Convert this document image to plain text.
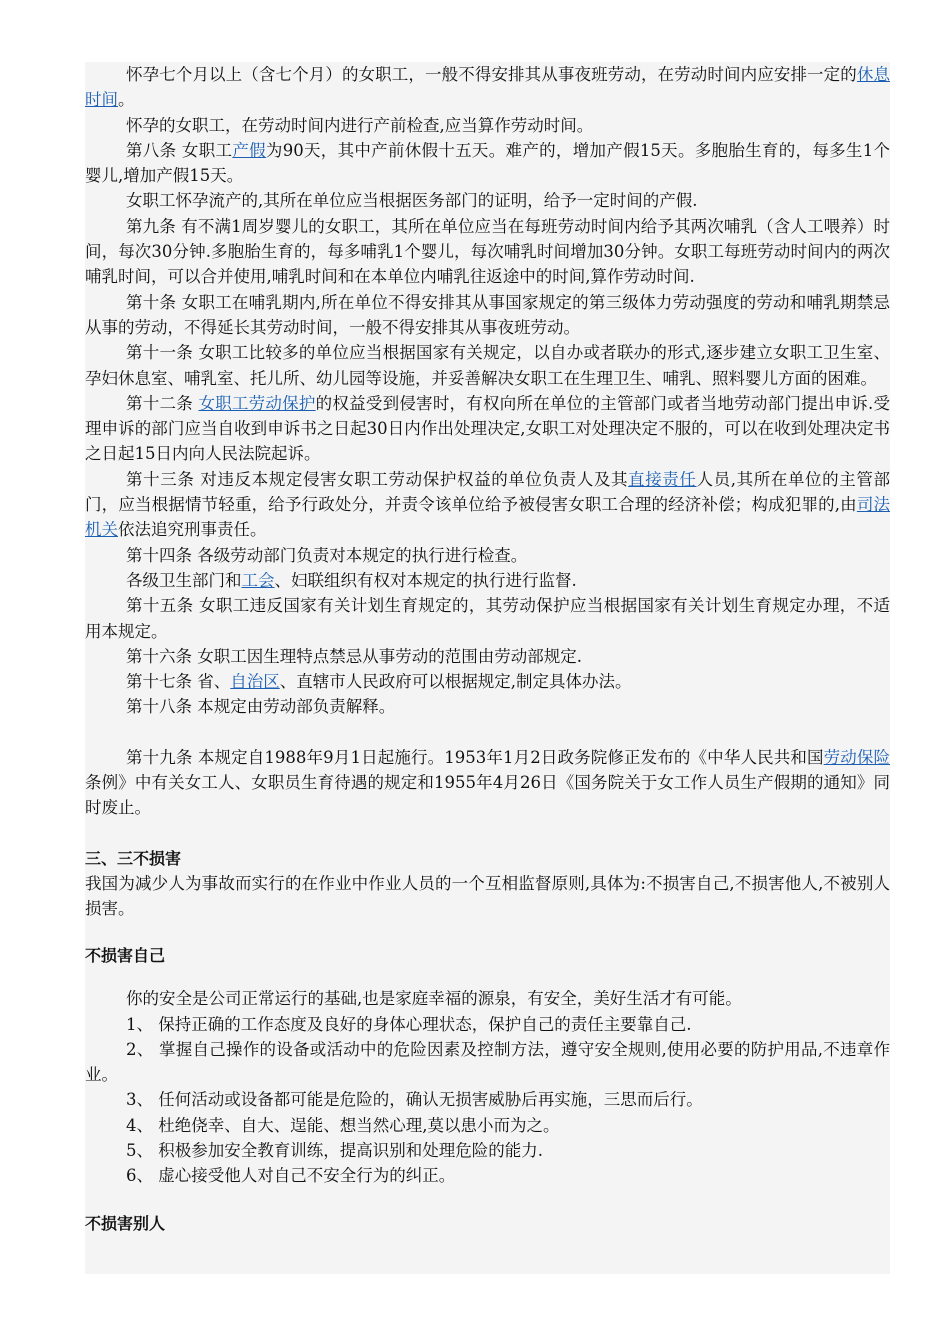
怀孕七个月以上（含七个月）的女职工，一般不得安排其从事夜班劳动，在劳动时间内应安排一定的休息时间。

怀孕的女职工，在劳动时间内进行产前检查,应当算作劳动时间。

第八条 女职工产假为90天，其中产前休假十五天。难产的，增加产假15天。多胞胎生育的，每多生1个婴儿,增加产假15天。

女职工怀孕流产的,其所在单位应当根据医务部门的证明，给予一定时间的产假.

第九条 有不满1周岁婴儿的女职工，其所在单位应当在每班劳动时间内给予其两次哺乳（含人工喂养）时间，每次30分钟.多胞胎生育的，每多哺乳1个婴儿，每次哺乳时间增加30分钟。女职工每班劳动时间内的两次哺乳时间，可以合并使用,哺乳时间和在本单位内哺乳往返途中的时间,算作劳动时间.

第十条 女职工在哺乳期内,所在单位不得安排其从事国家规定的第三级体力劳动强度的劳动和哺乳期禁忌从事的劳动，不得延长其劳动时间，一般不得安排其从事夜班劳动。

第十一条 女职工比较多的单位应当根据国家有关规定，以自办或者联办的形式,逐步建立女职工卫生室、孕妇休息室、哺乳室、托儿所、幼儿园等设施，并妥善解决女职工在生理卫生、哺乳、照料婴儿方面的困难。

第十二条 女职工劳动保护的权益受到侵害时，有权向所在单位的主管部门或者当地劳动部门提出申诉.受理申诉的部门应当自收到申诉书之日起30日内作出处理决定,女职工对处理决定不服的，可以在收到处理决定书之日起15日内向人民法院起诉。

第十三条 对违反本规定侵害女职工劳动保护权益的单位负责人及其直接责任人员,其所在单位的主管部门，应当根据情节轻重，给予行政处分，并责令该单位给予被侵害女职工合理的经济补偿；构成犯罪的,由司法机关依法追究刑事责任。

第十四条 各级劳动部门负责对本规定的执行进行检查。

各级卫生部门和工会、妇联组织有权对本规定的执行进行监督.

第十五条 女职工违反国家有关计划生育规定的，其劳动保护应当根据国家有关计划生育规定办理，不适用本规定。

第十六条 女职工因生理特点禁忌从事劳动的范围由劳动部规定.

第十七条 省、自治区、直辖市人民政府可以根据规定,制定具体办法。

第十八条 本规定由劳动部负责解释。

第十九条 本规定自1988年9月1日起施行。1953年1月2日政务院修正发布的《中华人民共和国劳动保险条例》中有关女工人、女职员生育待遇的规定和1955年4月26日《国务院关于女工作人员生产假期的通知》同时废止。

三、三不损害

我国为减少人为事故而实行的在作业中作业人员的一个互相监督原则,具体为:不损害自己,不损害他人,不被别人损害。

不损害自己

你的安全是公司正常运行的基础,也是家庭幸福的源泉，有安全，美好生活才有可能。

1、 保持正确的工作态度及良好的身体心理状态，保护自己的责任主要靠自己.

2、 掌握自己操作的设备或活动中的危险因素及控制方法，遵守安全规则,使用必要的防护用品,不违章作业。

3、 任何活动或设备都可能是危险的，确认无损害威胁后再实施，三思而后行。

4、 杜绝侥幸、自大、逞能、想当然心理,莫以患小而为之。

5、 积极参加安全教育训练，提高识别和处理危险的能力.

6、 虚心接受他人对自己不安全行为的纠正。

不损害别人
